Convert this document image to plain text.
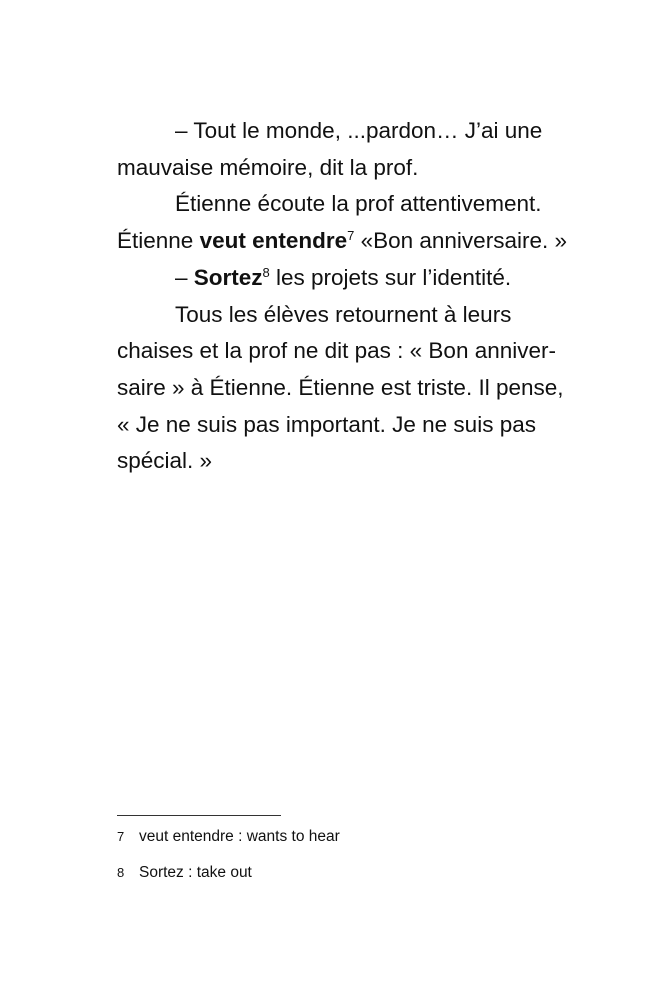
– Tout le monde, ...pardon… J’ai une
mauvaise mémoire, dit la prof.
Étienne écoute la prof attentivement.
Étienne veut entendre$^7$ «Bon anniversaire. »
– Sortez$^8$ les projets sur l’identité.
Tous les élèves retournent à leurs
chaises et la prof ne dit pas : « Bon anniver-
saire » à Étienne. Étienne est triste. Il pense,
« Je ne suis pas important. Je ne suis pas
spécial. »
7 veut entendre : wants to hear
8 Sortez : take out
